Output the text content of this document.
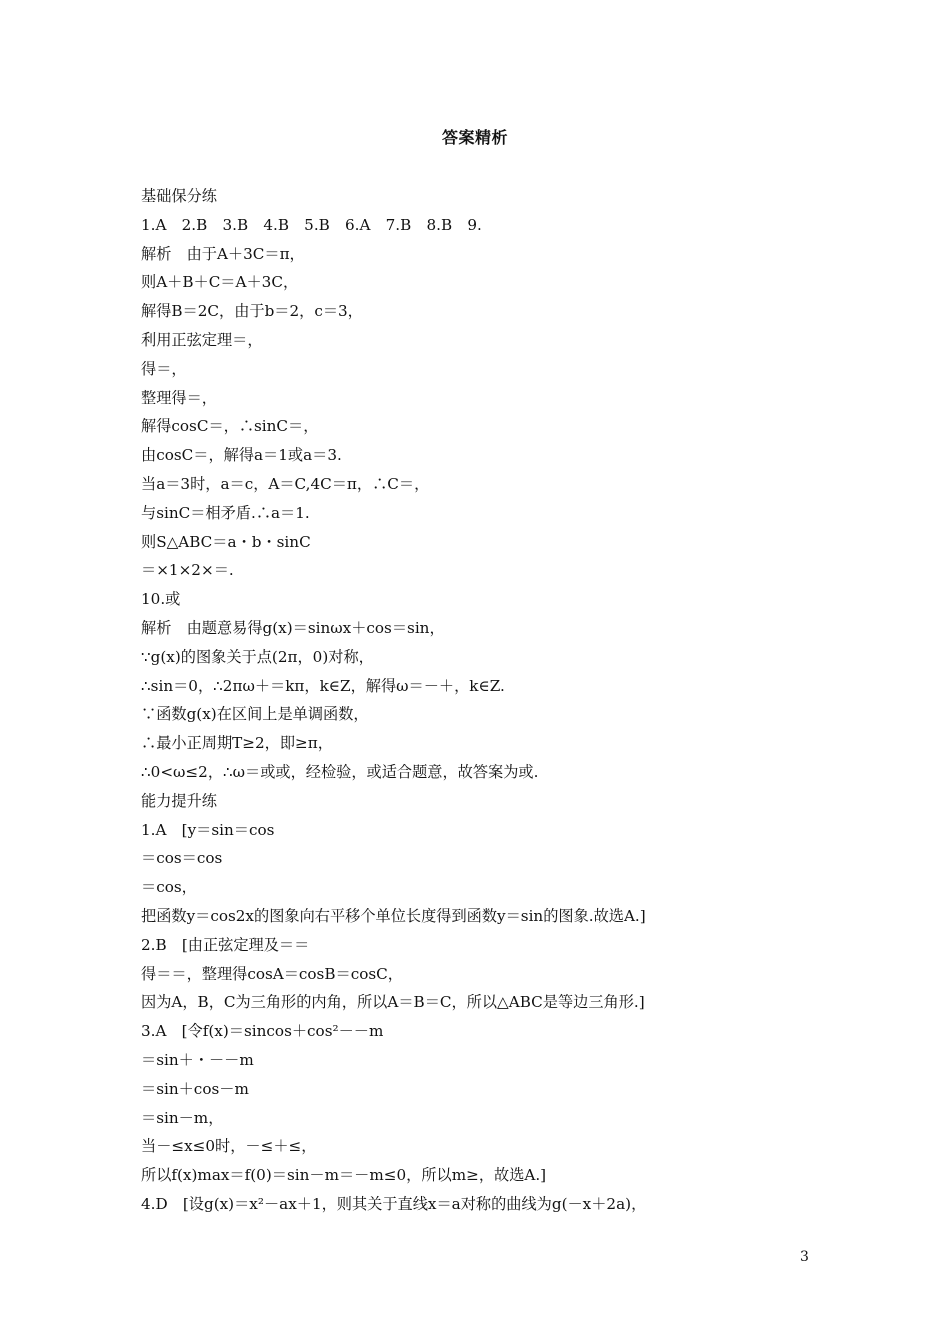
答案精析
基础保分练
1.A　2.B　3.B　4.B　5.B　6.A　7.B　8.B　9.
解析　由于A＋3C＝π，
则A＋B＋C＝A＋3C，
解得B＝2C，由于b＝2，c＝3，
利用正弦定理＝，
得＝，
整理得＝，
解得cosC＝，∴sinC＝，
由cosC＝，解得a＝1或a＝3.
当a＝3时，a＝c，A＝C,4C＝π，∴C＝，
与sinC＝相矛盾.∴a＝1.
则S△ABC＝a・b・sinC
＝×1×2×＝.
10.或
解析　由题意易得g(x)＝sinωx＋cos＝sin，
∵g(x)的图象关于点(2π，0)对称，
∴sin＝0，∴2πω＋＝kπ，k∈Z，解得ω＝－＋，k∈Z.
∵函数g(x)在区间上是单调函数，
∴最小正周期T≥2，即≥π，
∴0<ω≤2，∴ω＝或或，经检验，或适合题意，故答案为或.
能力提升练
1.A　[y＝sin＝cos
＝cos＝cos
＝cos，
把函数y＝cos2x的图象向右平移个单位长度得到函数y＝sin的图象.故选A.]
2.B　[由正弦定理及＝＝
得＝＝，整理得cosA＝cosB＝cosC，
因为A，B，C为三角形的内角，所以A＝B＝C，所以△ABC是等边三角形.]
3.A　[令f(x)＝sincos＋cos²－－m
＝sin＋・－－m
＝sin＋cos－m
＝sin－m，
当－≤x≤0时，－≤＋≤，
所以f(x)max＝f(0)＝sin－m＝－m≤0，所以m≥，故选A.]
4.D　[设g(x)＝x²－ax＋1，则其关于直线x＝a对称的曲线为g(－x＋2a)，
3
